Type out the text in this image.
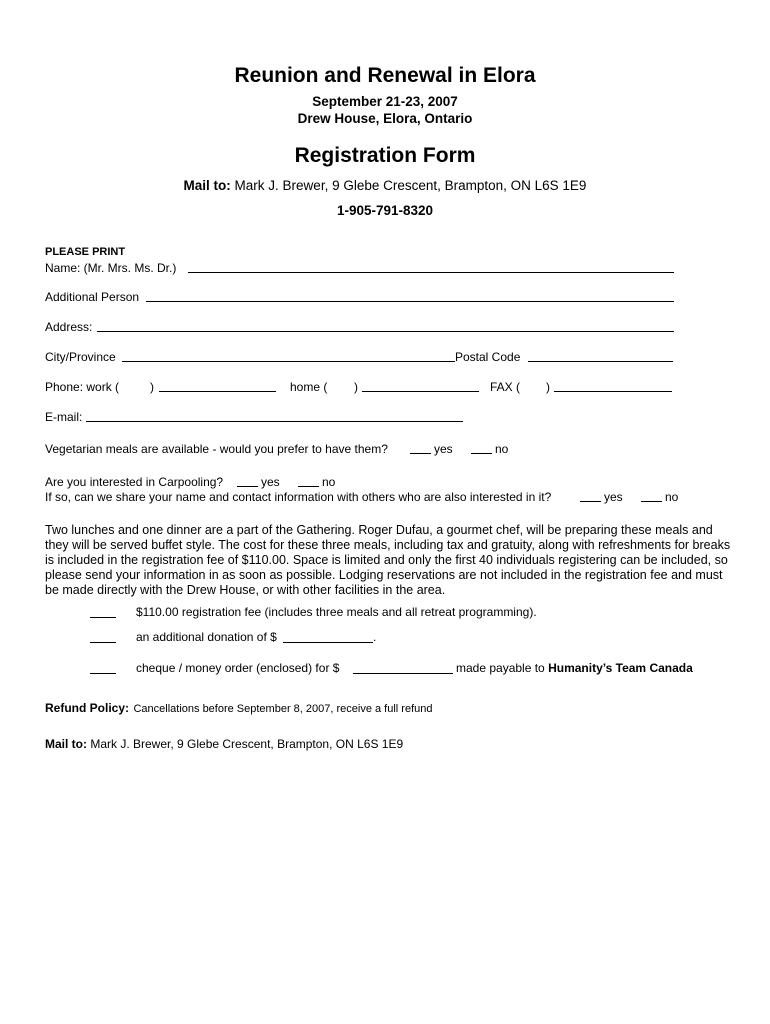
Reunion and Renewal in Elora
September 21-23, 2007
Drew House, Elora, Ontario
Registration Form
Mail to: Mark J. Brewer, 9 Glebe Crescent, Brampton, ON L6S 1E9
1-905-791-8320
PLEASE PRINT
Name: (Mr. Mrs. Ms. Dr.)
Additional Person
Address:
City/Province	Postal Code
Phone: work (	)	home ( )	FAX ( )
E-mail:
Vegetarian meals are available - would you prefer to have them?	yes	no
Are you interested in Carpooling?	yes	no
If so, can we share your name and contact information with others who are also interested in it?	yes	no
Two lunches and one dinner are a part of the Gathering. Roger Dufau, a gourmet chef, will be preparing these meals and they will be served buffet style. The cost for these three meals, including tax and gratuity, along with refreshments for breaks is included in the registration fee of $110.00. Space is limited and only the first 40 individuals registering can be included, so please send your information in as soon as possible. Lodging reservations are not included in the registration fee and must be made directly with the Drew House, or with other facilities in the area.
$110.00 registration fee (includes three meals and all retreat programming).
an additional donation of $	.
cheque / money order (enclosed) for $	made payable to Humanity’s Team Canada
Refund Policy: Cancellations before September 8, 2007, receive a full refund
Mail to: Mark J. Brewer, 9 Glebe Crescent, Brampton, ON L6S 1E9
